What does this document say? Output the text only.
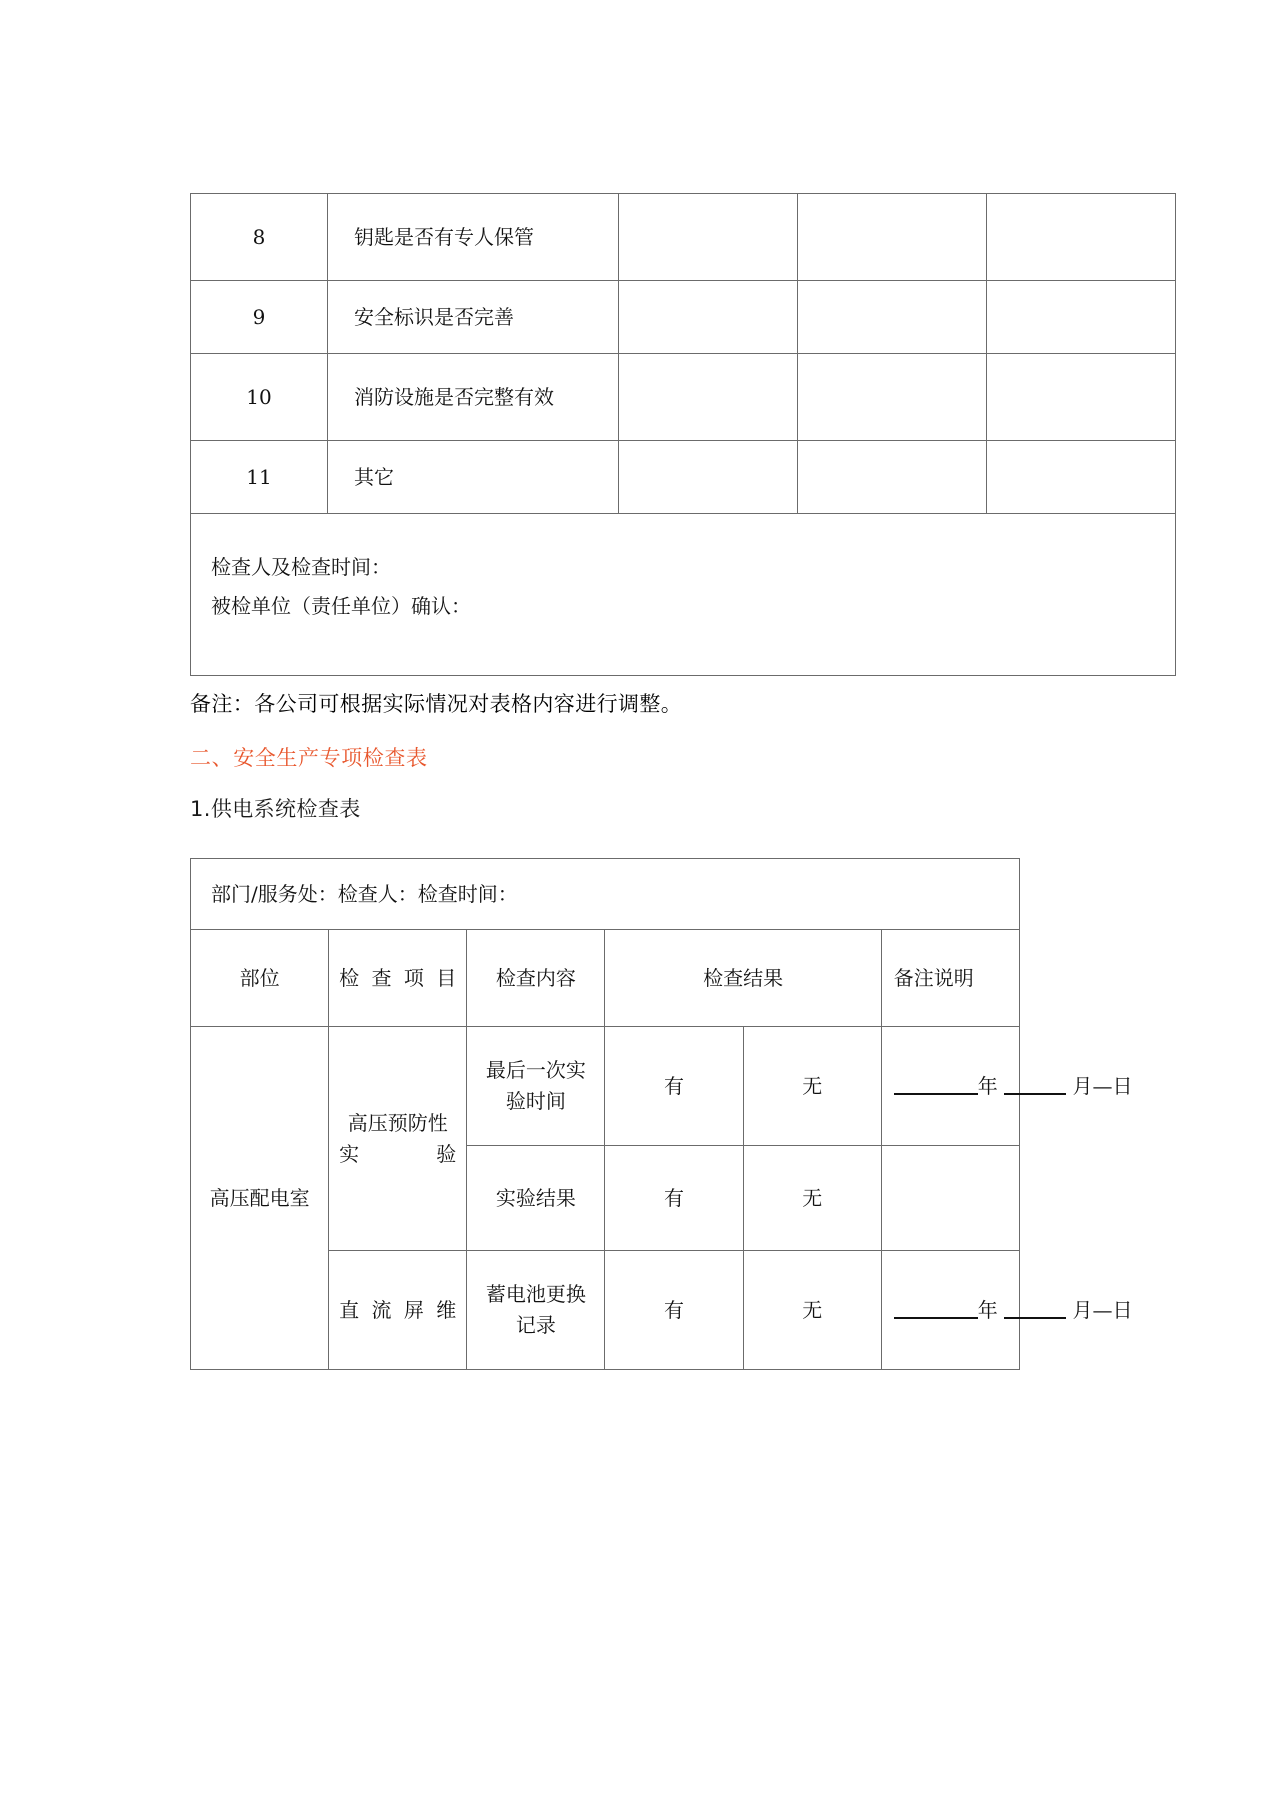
8	钥匙是否有专人保管			
9	安全标识是否完善			
10	消防设施是否完整有效			
11	其它			

检查人及检查时间：
被检单位（责任单位）确认：				
备注：各公司可根据实际情况对表格内容进行调整。
二、安全生产专项检查表
1.供电系统检查表
部门/服务处：检查人：检查时间：					
部位	检查项目	检查内容	检查结果		备注说明
高压配电室	高压预防性实验	最后一次实验时间	有	无	年 月—日
		实验结果	有	无	
	直流屏维	蓄电池更换记录	有	无	年 月—日
